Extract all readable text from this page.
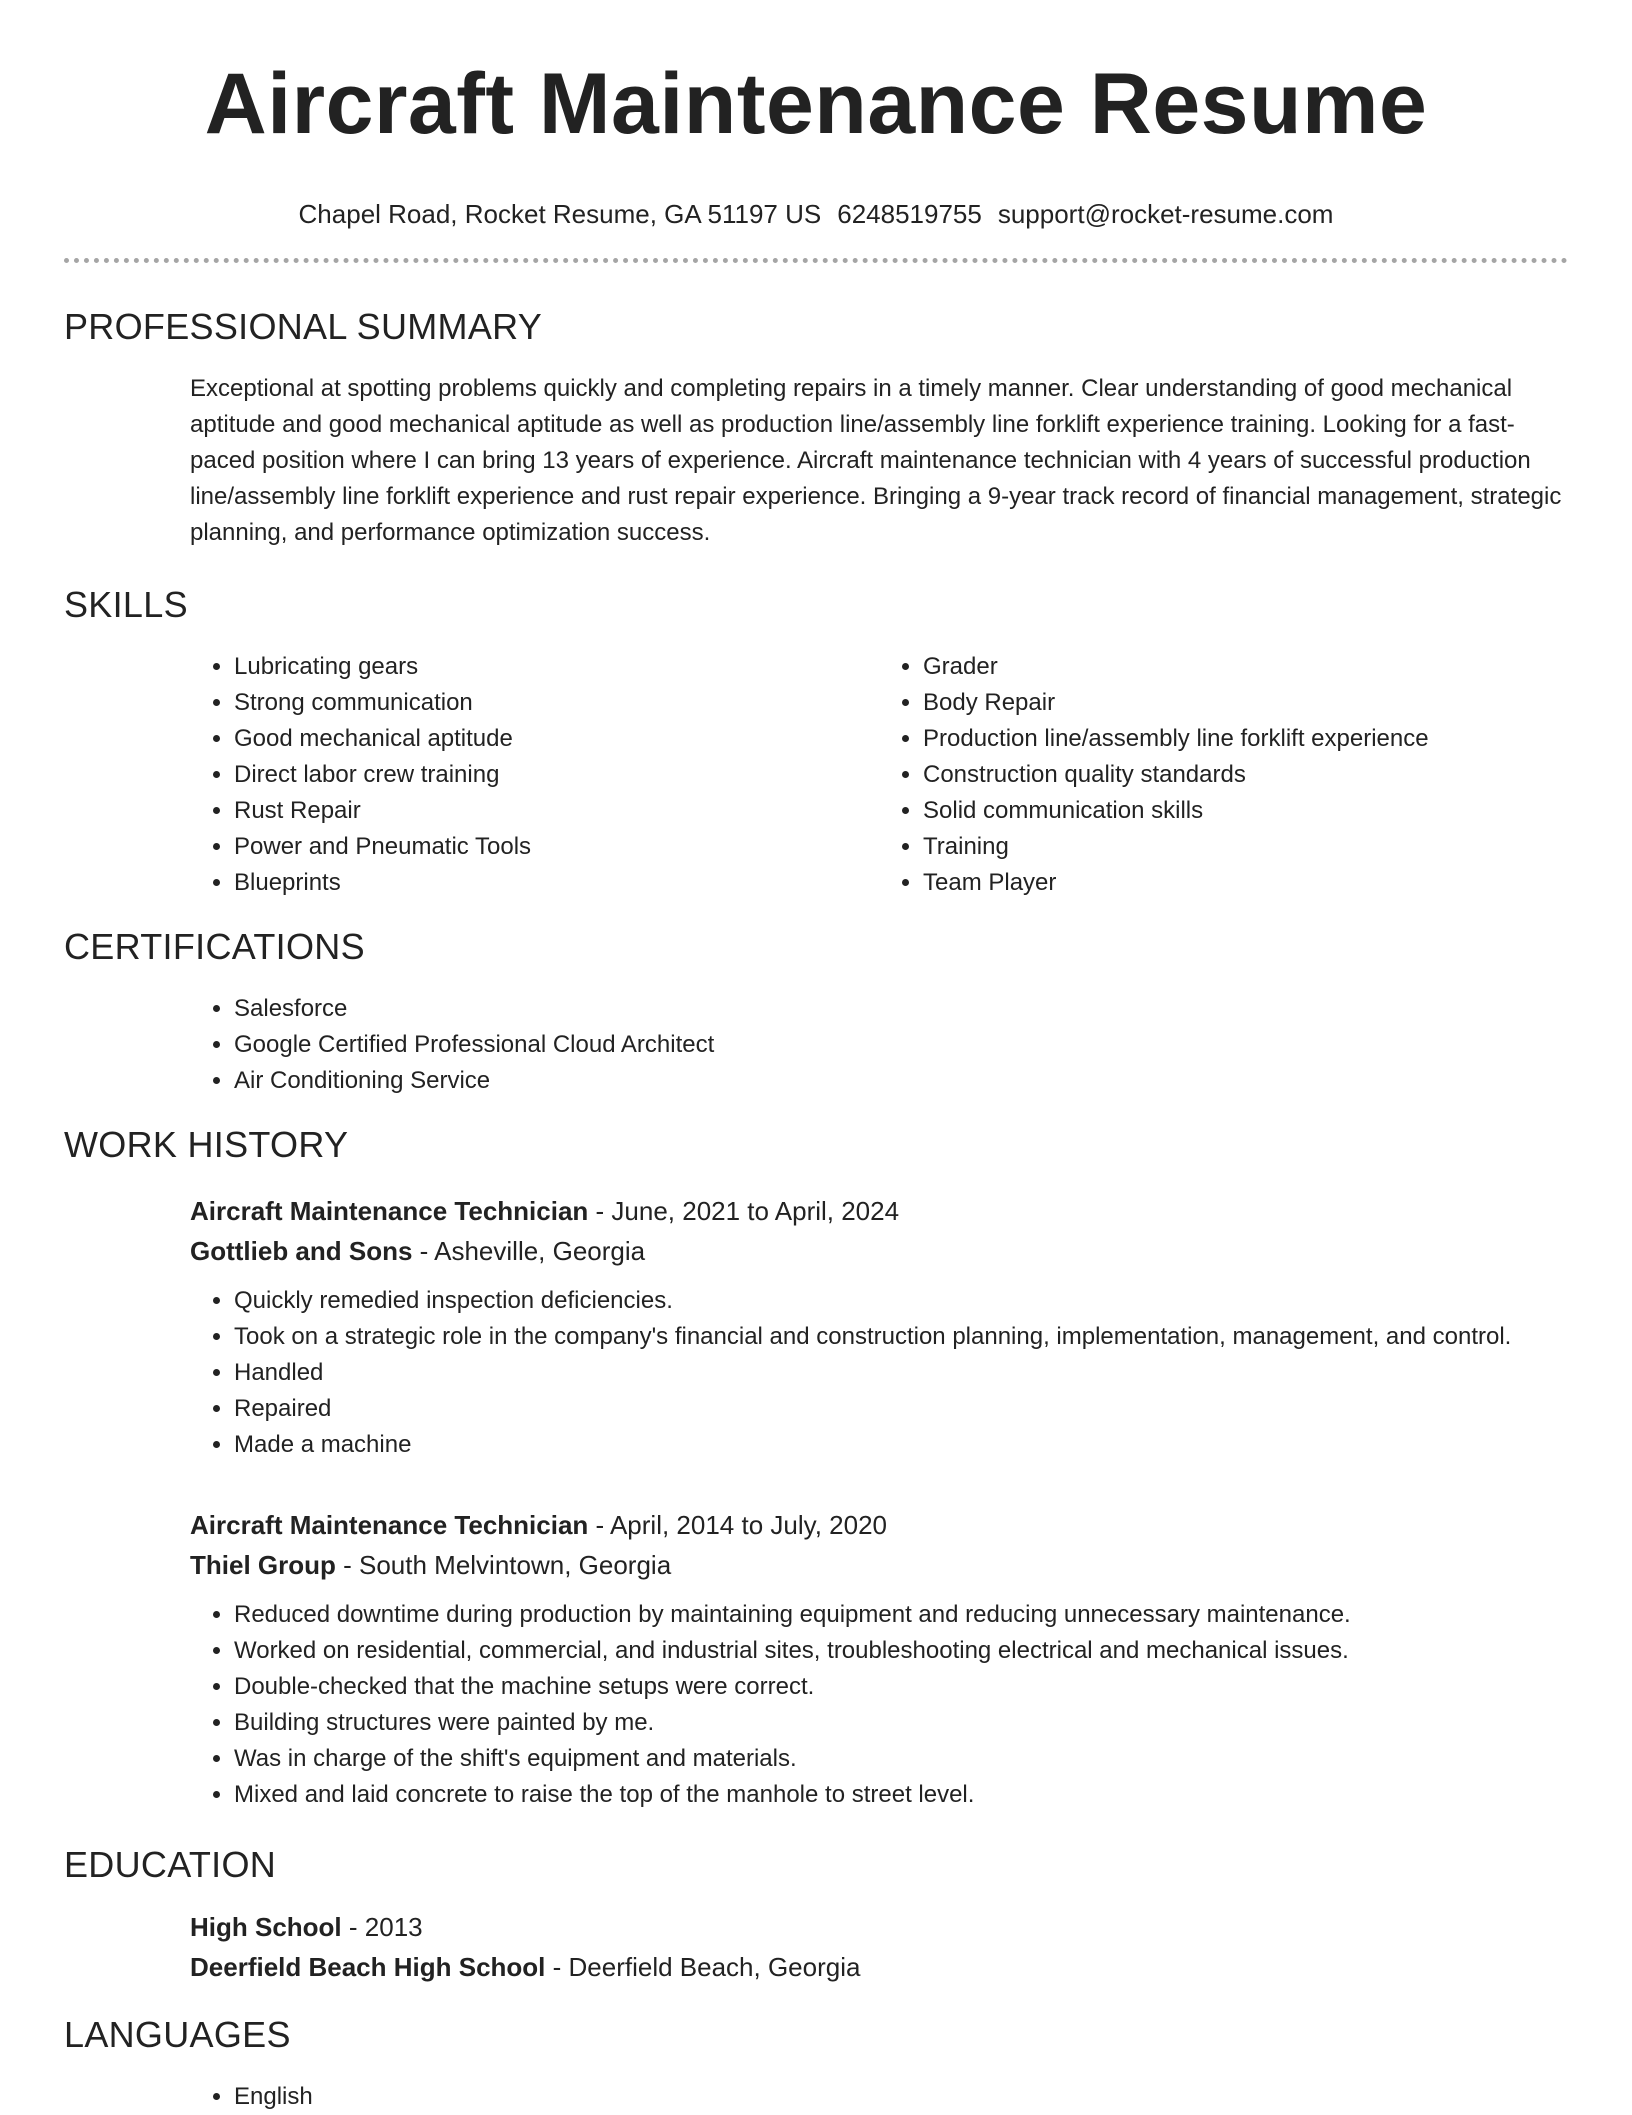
Aircraft Maintenance Resume
Chapel Road, Rocket Resume, GA 51197 US 6248519755 support@rocket-resume.com
PROFESSIONAL SUMMARY
Exceptional at spotting problems quickly and completing repairs in a timely manner. Clear understanding of good mechanical aptitude and good mechanical aptitude as well as production line/assembly line forklift experience training. Looking for a fast-paced position where I can bring 13 years of experience. Aircraft maintenance technician with 4 years of successful production line/assembly line forklift experience and rust repair experience. Bringing a 9-year track record of financial management, strategic planning, and performance optimization success.
SKILLS
• Lubricating gears
• Strong communication
• Good mechanical aptitude
• Direct labor crew training
• Rust Repair
• Power and Pneumatic Tools
• Blueprints
• Grader
• Body Repair
• Production line/assembly line forklift experience
• Construction quality standards
• Solid communication skills
• Training
• Team Player
CERTIFICATIONS
• Salesforce
• Google Certified Professional Cloud Architect
• Air Conditioning Service
WORK HISTORY
Aircraft Maintenance Technician - June, 2021 to April, 2024
Gottlieb and Sons - Asheville, Georgia
• Quickly remedied inspection deficiencies.
• Took on a strategic role in the company's financial and construction planning, implementation, management, and control.
• Handled
• Repaired
• Made a machine
Aircraft Maintenance Technician - April, 2014 to July, 2020
Thiel Group - South Melvintown, Georgia
• Reduced downtime during production by maintaining equipment and reducing unnecessary maintenance.
• Worked on residential, commercial, and industrial sites, troubleshooting electrical and mechanical issues.
• Double-checked that the machine setups were correct.
• Building structures were painted by me.
• Was in charge of the shift's equipment and materials.
• Mixed and laid concrete to raise the top of the manhole to street level.
EDUCATION
High School - 2013
Deerfield Beach High School - Deerfield Beach, Georgia
LANGUAGES
• English
